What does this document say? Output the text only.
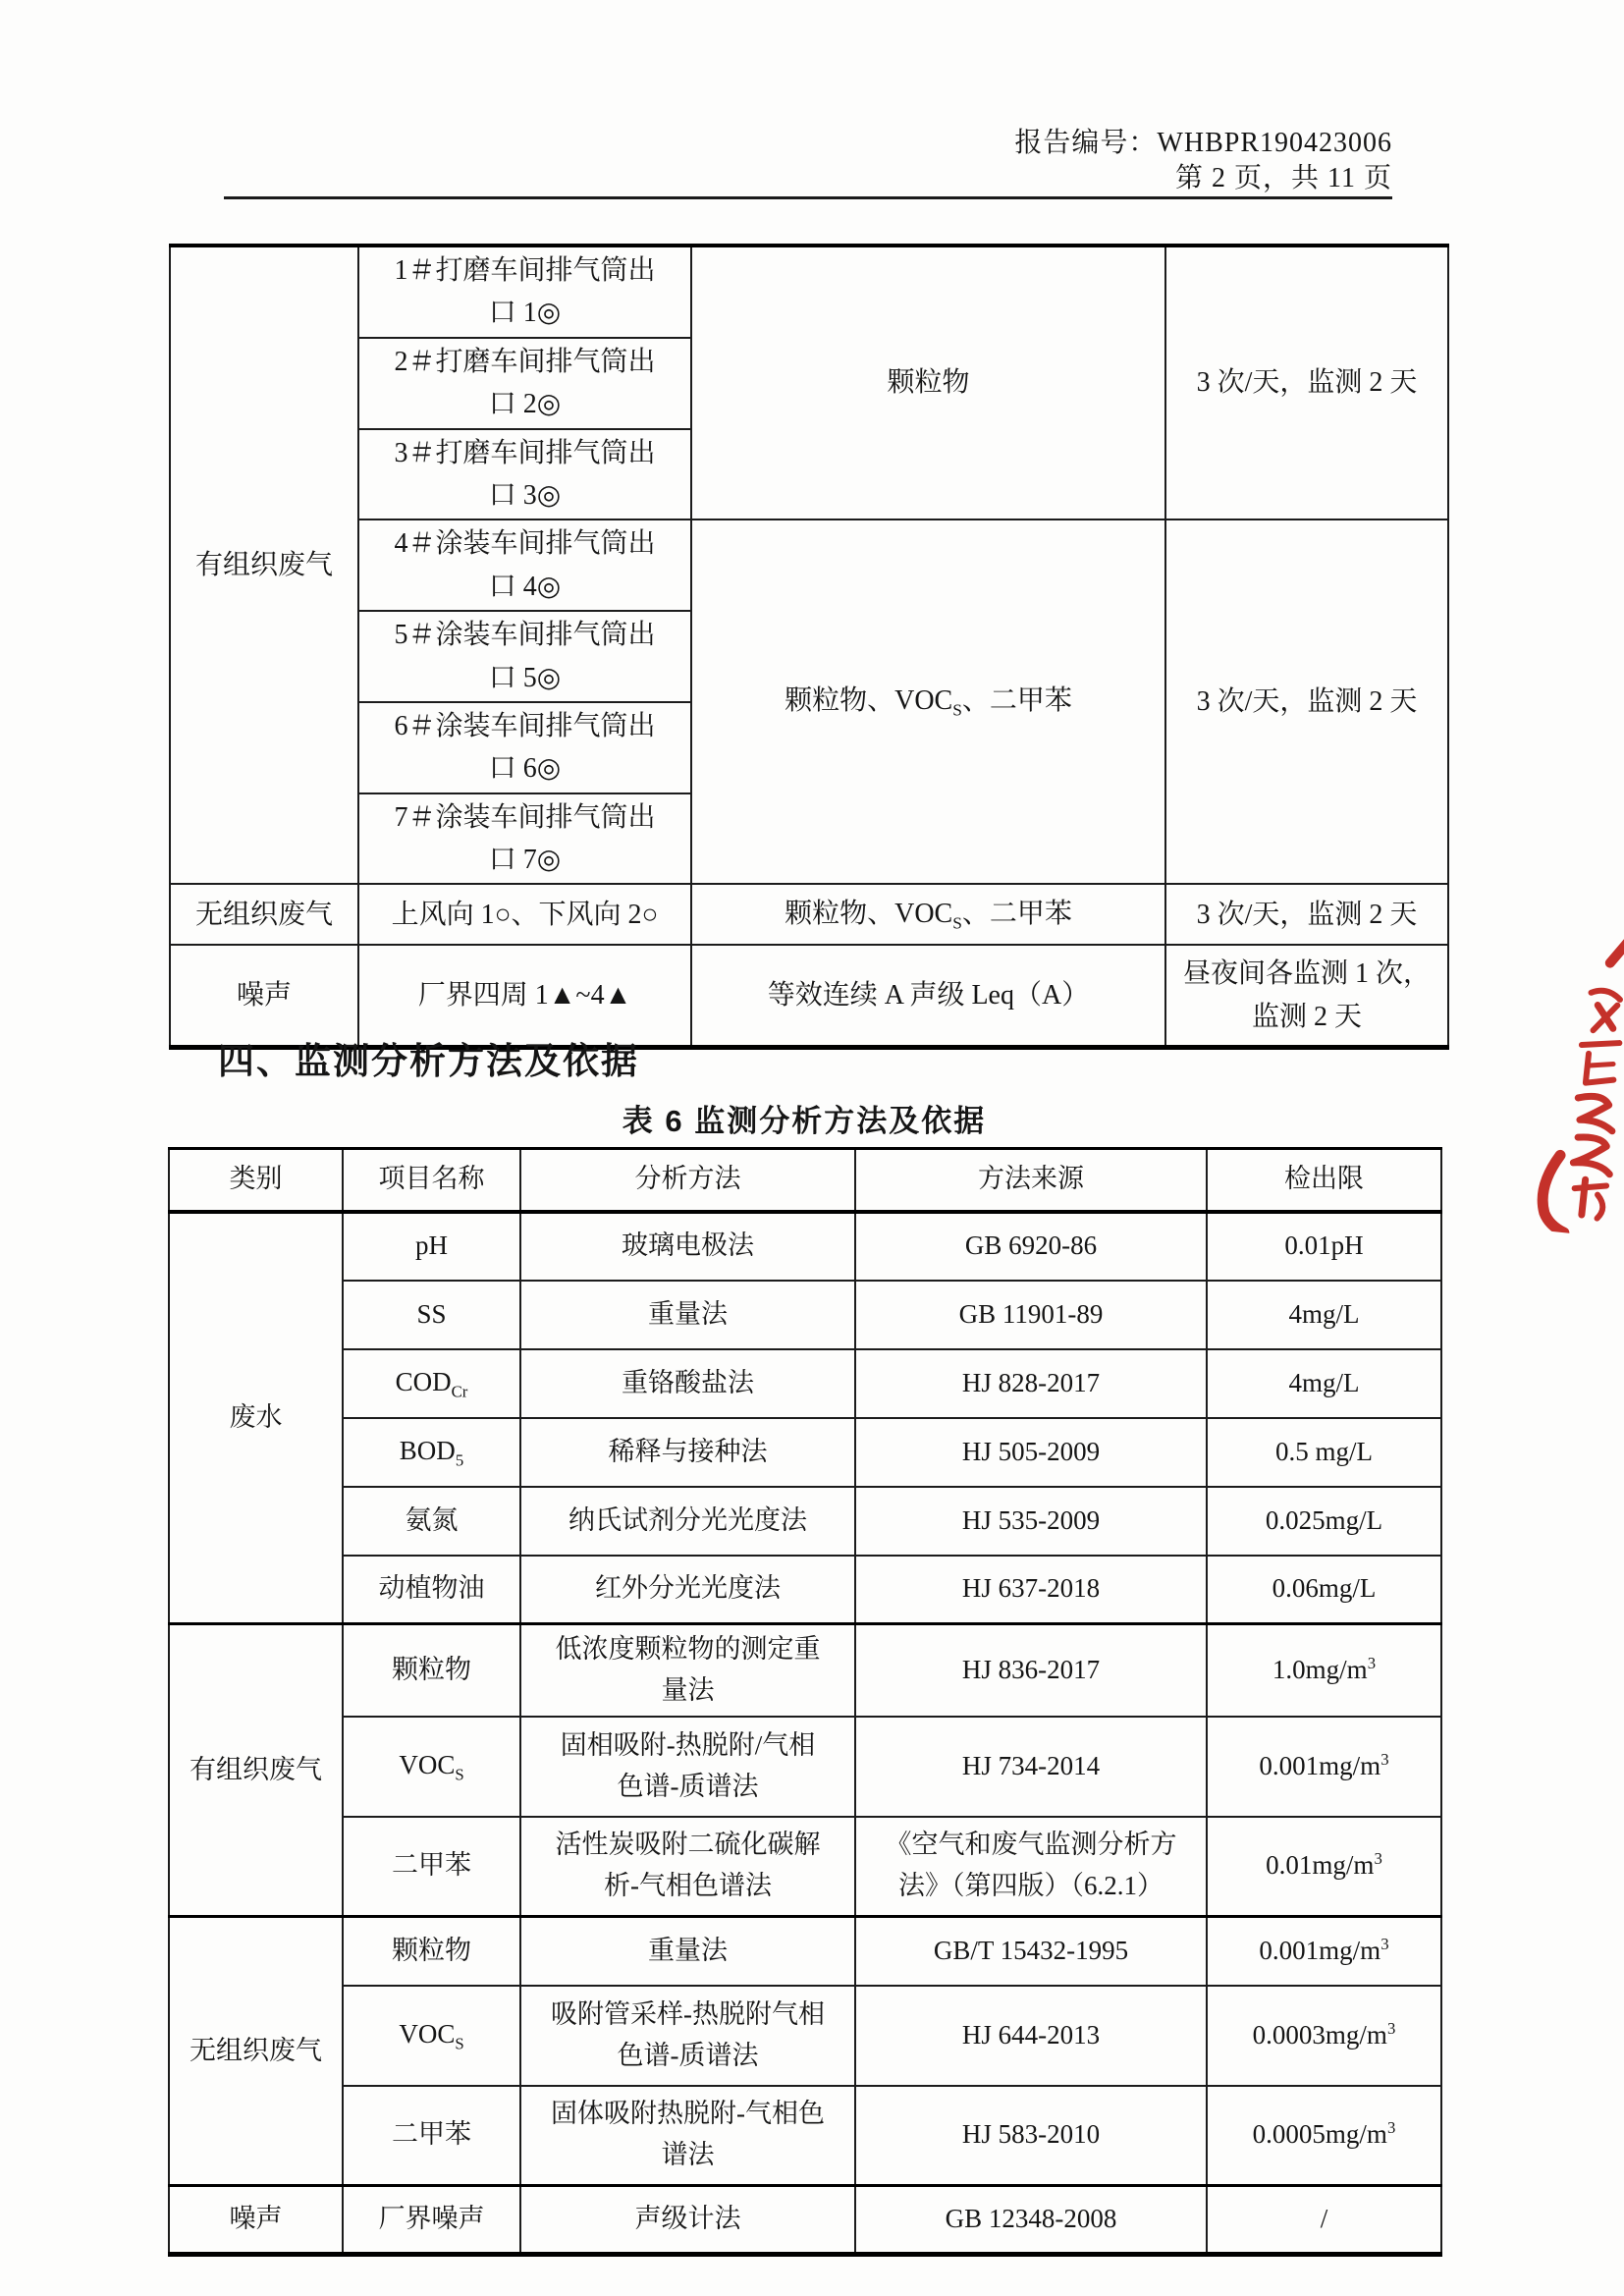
报告编号：WHBPR190423006
第 2 页，共 11 页
有组织废气	1＃打磨车间排气筒出
口 1◎	颗粒物	3 次/天，监测 2 天
	2＃打磨车间排气筒出
口 2◎		
	3＃打磨车间排气筒出
口 3◎		
	4＃涂装车间排气筒出
口 4◎	颗粒物、$VOC_S$、二甲苯	3 次/天，监测 2 天
	5＃涂装车间排气筒出
口 5◎		
	6＃涂装车间排气筒出
口 6◎		
	7＃涂装车间排气筒出
口 7◎		
无组织废气	上风向 1○、下风向 2○	颗粒物、$VOC_S$、二甲苯	3 次/天，监测 2 天
噪声	厂界四周 1▲~4▲	等效连续 A 声级 Leq（A）	昼夜间各监测 1 次，
监测 2 天
四、监测分析方法及依据
表 6 监测分析方法及依据
类别	项目名称	分析方法	方法来源	检出限
废水	pH	玻璃电极法	GB 6920-86	0.01pH
	SS	重量法	GB 11901-89	4mg/L
	$COD_{Cr}$	重铬酸盐法	HJ 828-2017	4mg/L
	$BOD_5$	稀释与接种法	HJ 505-2009	0.5 mg/L
	氨氮	纳氏试剂分光光度法	HJ 535-2009	0.025mg/L
	动植物油	红外分光光度法	HJ 637-2018	0.06mg/L
有组织废气	颗粒物	低浓度颗粒物的测定重
量法	HJ 836-2017	$1.0mg/m^3$
	$VOC_S$	固相吸附-热脱附/气相
色谱-质谱法	HJ 734-2014	$0.001mg/m^3$
	二甲苯	活性炭吸附二硫化碳解
析-气相色谱法	《空气和废气监测分析方
法》（第四版）（6.2.1）	$0.01mg/m^3$
无组织废气	颗粒物	重量法	GB/T 15432-1995	$0.001mg/m^3$
	$VOC_S$	吸附管采样-热脱附气相
色谱-质谱法	HJ 644-2013	$0.0003mg/m^3$
	二甲苯	固体吸附热脱附-气相色
谱法	HJ 583-2010	$0.0005mg/m^3$
噪声	厂界噪声	声级计法	GB 12348-2008	/
